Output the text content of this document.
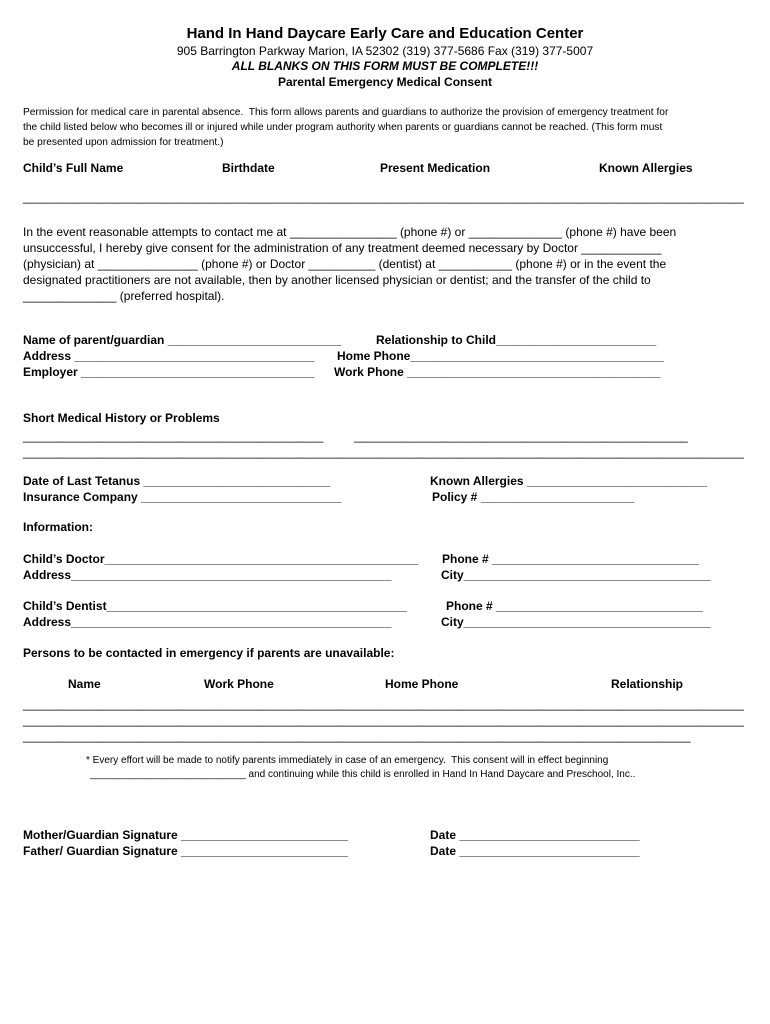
Hand In Hand Daycare Early Care and Education Center
905 Barrington Parkway Marion, IA 52302 (319) 377-5686 Fax (319) 377-5007
ALL BLANKS ON THIS FORM MUST BE COMPLETE!!!
Parental Emergency Medical Consent
Permission for medical care in parental absence.  This form allows parents and guardians to authorize the provision of emergency treatment for
the child listed below who becomes ill or injured while under program authority when parents or guardians cannot be reached. (This form must
be presented upon admission for treatment.)
Child’s Full Name	Birthdate	Present Medication	Known Allergies
____________________________________________________________________________________________________________
In the event reasonable attempts to contact me at ________________ (phone #) or ______________ (phone #) have been
unsuccessful, I hereby give consent for the administration of any treatment deemed necessary by Doctor ____________
(physician) at _______________ (phone #) or Doctor __________ (dentist) at ___________ (phone #) or in the event the
designated practitioners are not available, then by another licensed physician or dentist; and the transfer of the child to
______________ (preferred hospital).
Name of parent/guardian __________________________	Relationship to Child________________________
Address ____________________________________ Home Phone______________________________________
Employer ___________________________________ Work Phone ______________________________________
Short Medical History or Problems
_____________________________________________	__________________________________________________
____________________________________________________________________________________________________________
Date of Last Tetanus ____________________________	Known Allergies ___________________________
Insurance Company ______________________________	Policy # _______________________
Information:
Child’s Doctor_______________________________________________ Phone # _______________________________
Address________________________________________________	City_____________________________________
Child’s Dentist_____________________________________________	Phone # _______________________________
Address________________________________________________	City_____________________________________
Persons to be contacted in emergency if parents are unavailable:
Name	Work Phone	Home Phone	Relationship
____________________________________________________________________________________________________________
____________________________________________________________________________________________________________
____________________________________________________________________________________________________
* Every effort will be made to notify parents immediately in case of an emergency.  This consent will in effect beginning
____________________________ and continuing while this child is enrolled in Hand In Hand Daycare and Preschool, Inc..
Mother/Guardian Signature _________________________	Date ___________________________
Father/ Guardian Signature _________________________	Date ___________________________
